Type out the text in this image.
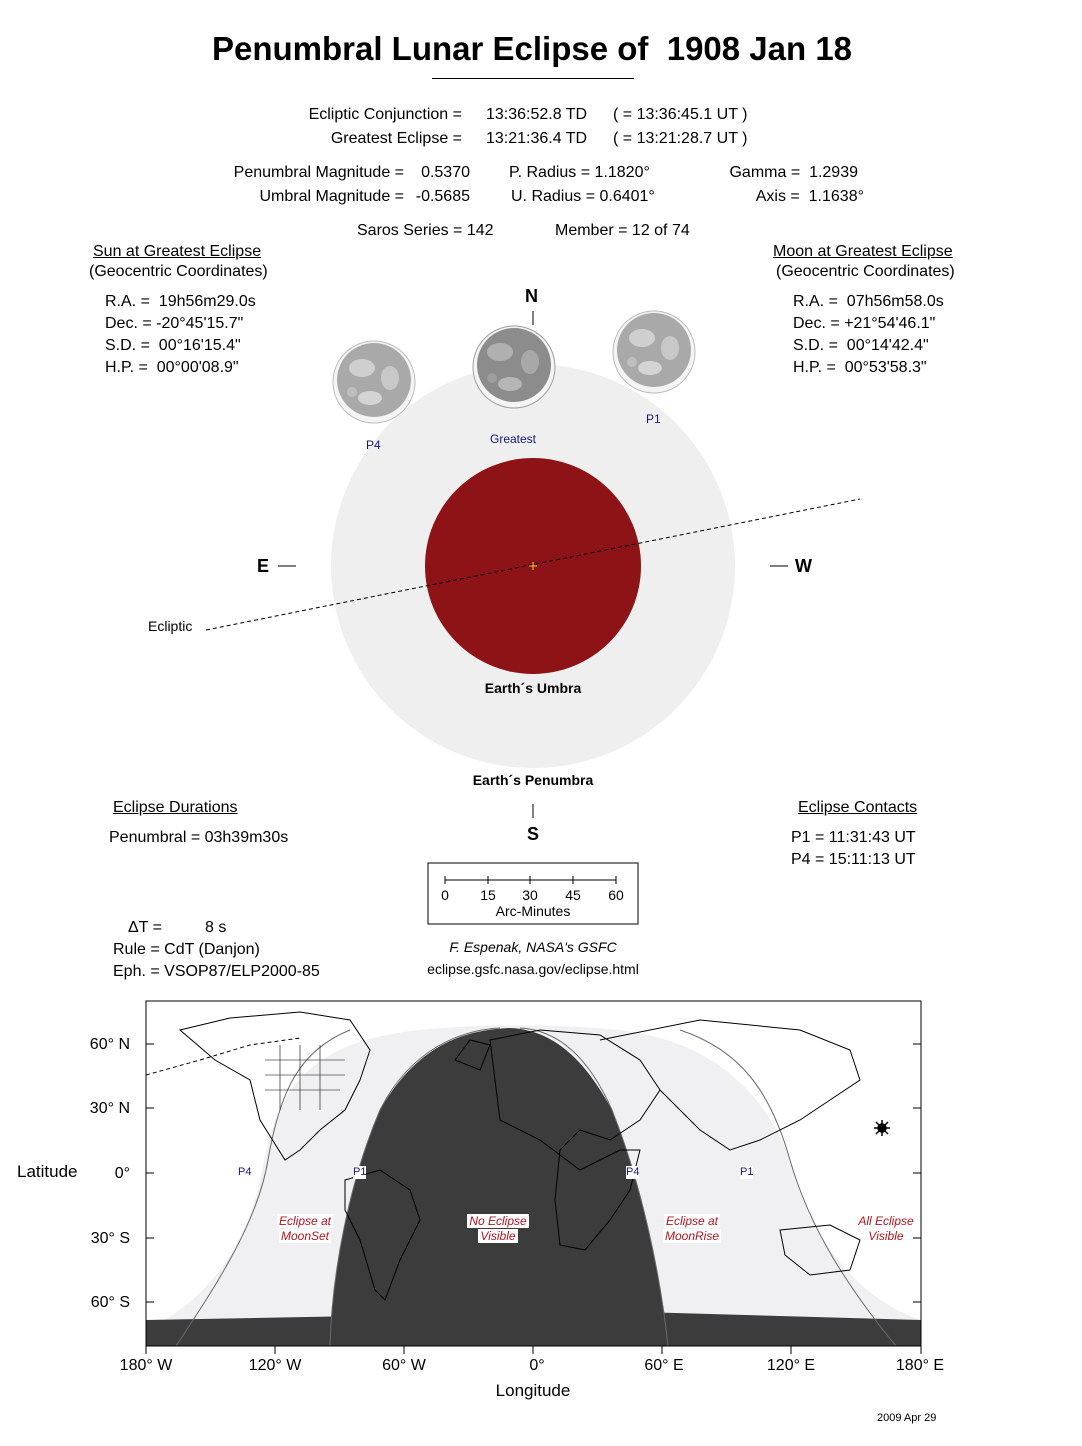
Penumbral Lunar Eclipse of  1908 Jan 18
Ecliptic Conjunction = 13:36:52.8 TD ( = 13:36:45.1 UT )
Greatest Eclipse = 13:21:36.4 TD ( = 13:21:28.7 UT )
Penumbral Magnitude =	0.5370
Umbral Magnitude = -0.5685
P. Radius = 1.1820°
U. Radius = 0.6401°
Gamma =  1.2939
Axis =  1.1638°
Saros Series = 142	Member = 12 of 74
Sun at Greatest Eclipse
(Geocentric Coordinates)
R.A. =  19h56m29.0s
Dec. = -20°45'15.7"
S.D. =  00°16'15.4"
H.P. =  00°00'08.9"
Moon at Greatest Eclipse
(Geocentric Coordinates)
R.A. =  07h56m58.0s
Dec. = +21°54'46.1"
S.D. =  00°14'42.4"
H.P. =  00°53'58.3"
N
S
E	W
P4	Greatest
P1
Ecliptic
Earth´s Umbra
Earth´s Penumbra
Eclipse Durations
Penumbral = 03h39m30s
Eclipse Contacts
P1 = 11:31:43 UT
P4 = 15:11:13 UT
0	15	30	45	60
Arc-Minutes
ΔT =	8 s
Rule = CdT (Danjon)
Eph. = VSOP87/ELP2000-85
F. Espenak, NASA's GSFC
eclipse.gsfc.nasa.gov/eclipse.html
60° N
30° N
0°
30° S
60° S
Latitude
180° W	120° W	60° W	0°	60° E	120° E	180° E
Longitude
P4	P1	P4	P1
Eclipse at
MoonSet
No Eclipse
Visible
Eclipse at
MoonRise
All Eclipse
Visible
2009 Apr 29
